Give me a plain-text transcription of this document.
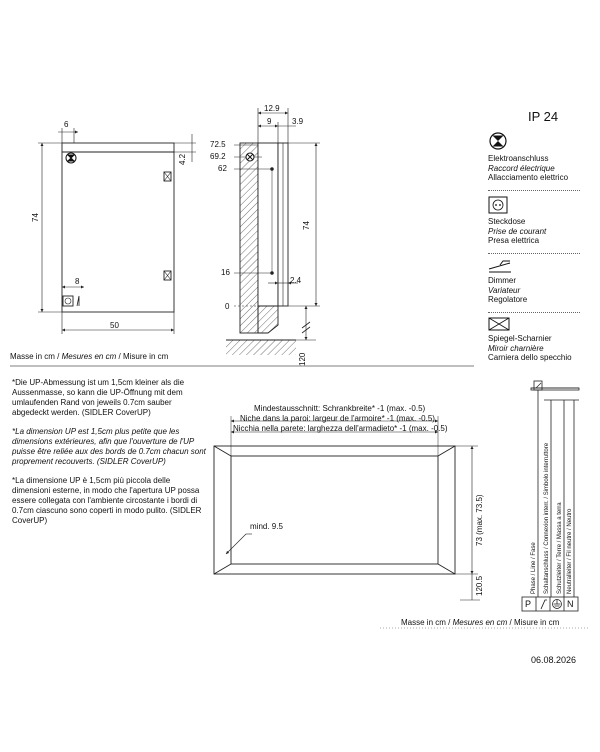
6
74
4.2
8
50
12.9
9	3.9
72.5
69.2
62
74
16
2.4
0
120
Masse in cm / Mesures en cm / Misure in cm
IP 24
Elektroanschluss
Raccord électrique
Allacciamento elettrico
Steckdose
Prise de courant
Presa elettrica
Dimmer
Variateur
Regolatore
Spiegel-Scharnier
Miroir charnière
Carniera dello specchio

*Die UP-Abmessung ist um 1,5cm kleiner als die Aussenmasse, so kann die UP-Öffnung mit dem umlaufenden Rand von jeweils 0.7cm sauber abgedeckt werden. (SIDLER CoverUP)

*La dimension UP est 1,5cm plus petite que les dimensions extérieures, afin que l'ouverture de l'UP puisse être reliée aux des bords de 0.7cm chacun sont proprement recouverts. (SIDLER CoverUP)

*La dimensione UP è 1,5cm più piccola delle dimensioni esterne, in modo che l'apertura UP possa essere collegata con l'ambiente circostante i bordi di 0.7cm ciascuno sono coperti in modo pulito. (SIDLER CoverUP)

Mindestausschnitt: Schrankbreite* -1 (max. -0.5)
Niche dans la paroi: largeur de l'armoire* -1 (max. -0.5)
Nicchia nella parete: larghezza dell'armadieto* -1 (max. -0.5)
mind. 9.5	73 (max. 73.5)
120.5	Phase / Line / Fase Schaltanschluss / Connexion interr. / Simbolo interruttore Schutzleiter / Terre / Massa a terra Neutralleiter / Fil neutre / Neutro
P	N
Masse in cm / Mesures en cm / Misure in cm
06.08.2026
